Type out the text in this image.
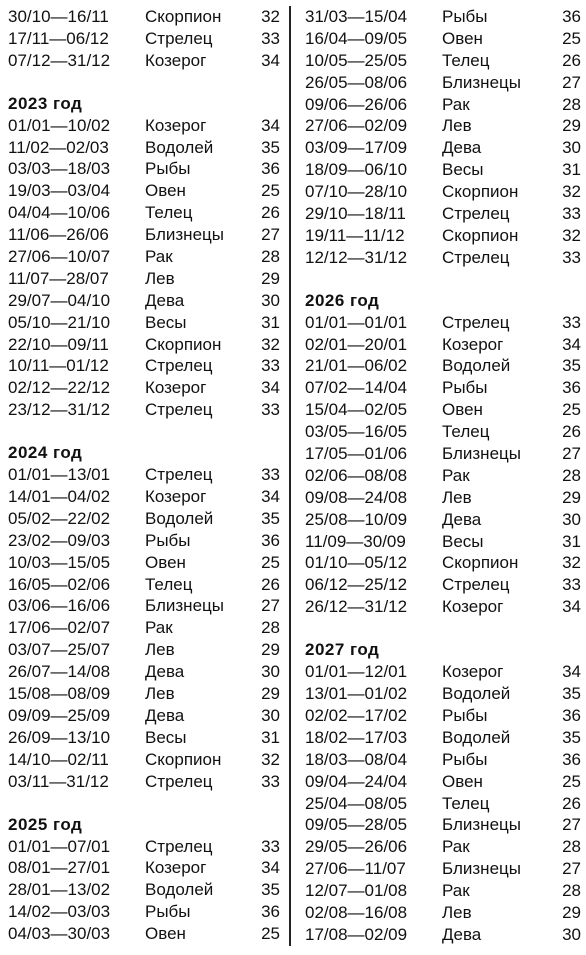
30/10—16/11	Скорпион	32
17/11—06/12	Стрелец	33
07/12—31/12	Козерог	34
2023 год
01/01—10/02	Козерог	34
11/02—02/03	Водолей	35
03/03—18/03	Рыбы	36
19/03—03/04	Овен	25
04/04—10/06	Телец	26
11/06—26/06	Близнецы	27
27/06—10/07	Рак	28
11/07—28/07	Лев	29
29/07—04/10	Дева	30
05/10—21/10	Весы	31
22/10—09/11	Скорпион	32
10/11—01/12	Стрелец	33
02/12—22/12	Козерог	34
23/12—31/12	Стрелец	33
2024 год
01/01—13/01	Стрелец	33
14/01—04/02	Козерог	34
05/02—22/02	Водолей	35
23/02—09/03	Рыбы	36
10/03—15/05	Овен	25
16/05—02/06	Телец	26
03/06—16/06	Близнецы	27
17/06—02/07	Рак	28
03/07—25/07	Лев	29
26/07—14/08	Дева	30
15/08—08/09	Лев	29
09/09—25/09	Дева	30
26/09—13/10	Весы	31
14/10—02/11	Скорпион	32
03/11—31/12	Стрелец	33
2025 год
01/01—07/01	Стрелец	33
08/01—27/01	Козерог	34
28/01—13/02	Водолей	35
14/02—03/03	Рыбы	36
04/03—30/03	Овен	25
31/03—15/04	Рыбы	36
16/04—09/05	Овен	25
10/05—25/05	Телец	26
26/05—08/06	Близнецы	27
09/06—26/06	Рак	28
27/06—02/09	Лев	29
03/09—17/09	Дева	30
18/09—06/10	Весы	31
07/10—28/10	Скорпион	32
29/10—18/11	Стрелец	33
19/11—11/12	Скорпион	32
12/12—31/12	Стрелец	33
2026 год
01/01—01/01	Стрелец	33
02/01—20/01	Козерог	34
21/01—06/02	Водолей	35
07/02—14/04	Рыбы	36
15/04—02/05	Овен	25
03/05—16/05	Телец	26
17/05—01/06	Близнецы	27
02/06—08/08	Рак	28
09/08—24/08	Лев	29
25/08—10/09	Дева	30
11/09—30/09	Весы	31
01/10—05/12	Скорпион	32
06/12—25/12	Стрелец	33
26/12—31/12	Козерог	34
2027 год
01/01—12/01	Козерог	34
13/01—01/02	Водолей	35
02/02—17/02	Рыбы	36
18/02—17/03	Водолей	35
18/03—08/04	Рыбы	36
09/04—24/04	Овен	25
25/04—08/05	Телец	26
09/05—28/05	Близнецы	27
29/05—26/06	Рак	28
27/06—11/07	Близнецы	27
12/07—01/08	Рак	28
02/08—16/08	Лев	29
17/08—02/09	Дева	30
